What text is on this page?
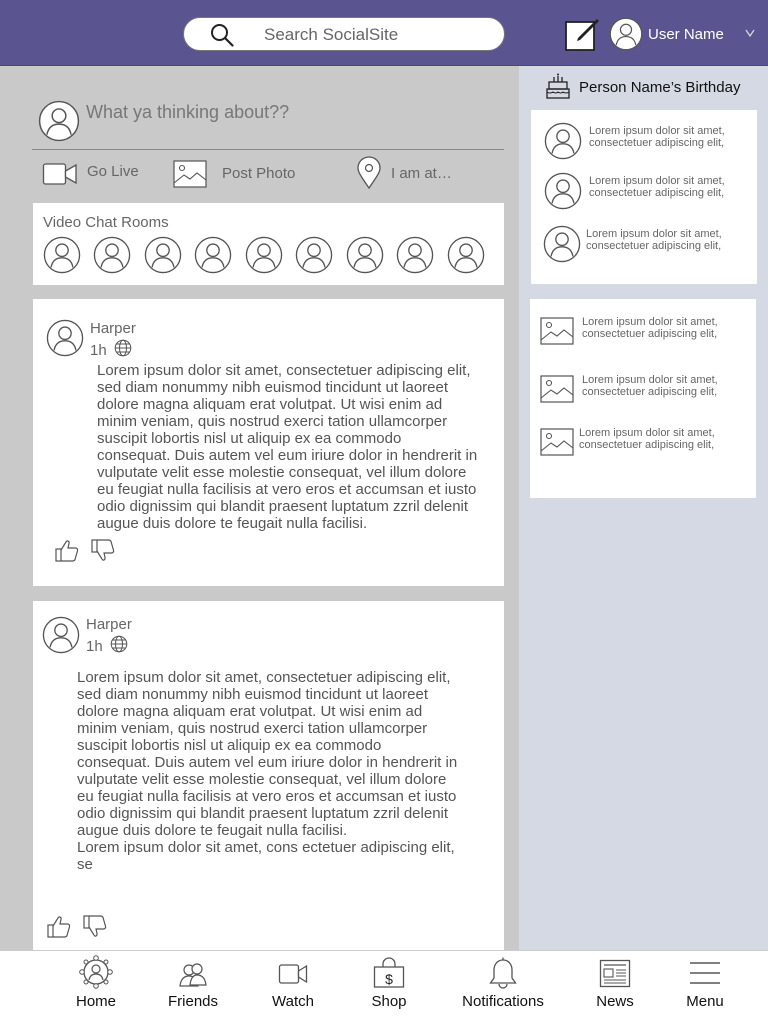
Search SocialSite
User Name
Person Name’s Birthday
Lorem ipsum dolor sit amet,
consectetuer adipiscing elit,
Lorem ipsum dolor sit amet,
consectetuer adipiscing elit,
Lorem ipsum dolor sit amet,
consectetuer adipiscing elit,
Lorem ipsum dolor sit amet,
consectetuer adipiscing elit,
Lorem ipsum dolor sit amet,
consectetuer adipiscing elit,
Lorem ipsum dolor sit amet,
consectetuer adipiscing elit,
What ya thinking about??
Go Live	Post Photo	I am at…
Video Chat Rooms
Harper
1h
Lorem ipsum dolor sit amet, consectetuer adipiscing elit,
sed diam nonummy nibh euismod tincidunt ut laoreet
dolore magna aliquam erat volutpat. Ut wisi enim ad
minim veniam, quis nostrud exerci tation ullamcorper
suscipit lobortis nisl ut aliquip ex ea commodo
consequat. Duis autem vel eum iriure dolor in hendrerit in
vulputate velit esse molestie consequat, vel illum dolore
eu feugiat nulla facilisis at vero eros et accumsan et iusto
odio dignissim qui blandit praesent luptatum zzril delenit
augue duis dolore te feugait nulla facilisi.
Harper
1h
Lorem ipsum dolor sit amet, consectetuer adipiscing elit,
sed diam nonummy nibh euismod tincidunt ut laoreet
dolore magna aliquam erat volutpat. Ut wisi enim ad
minim veniam, quis nostrud exerci tation ullamcorper
suscipit lobortis nisl ut aliquip ex ea commodo
consequat. Duis autem vel eum iriure dolor in hendrerit in
vulputate velit esse molestie consequat, vel illum dolore
eu feugiat nulla facilisis at vero eros et accumsan et iusto
odio dignissim qui blandit praesent luptatum zzril delenit
augue duis dolore te feugait nulla facilisi.
Lorem ipsum dolor sit amet, cons ectetuer adipiscing elit,
se
Home	Friends	Watch
$
Shop	Notifications	News	Menu
